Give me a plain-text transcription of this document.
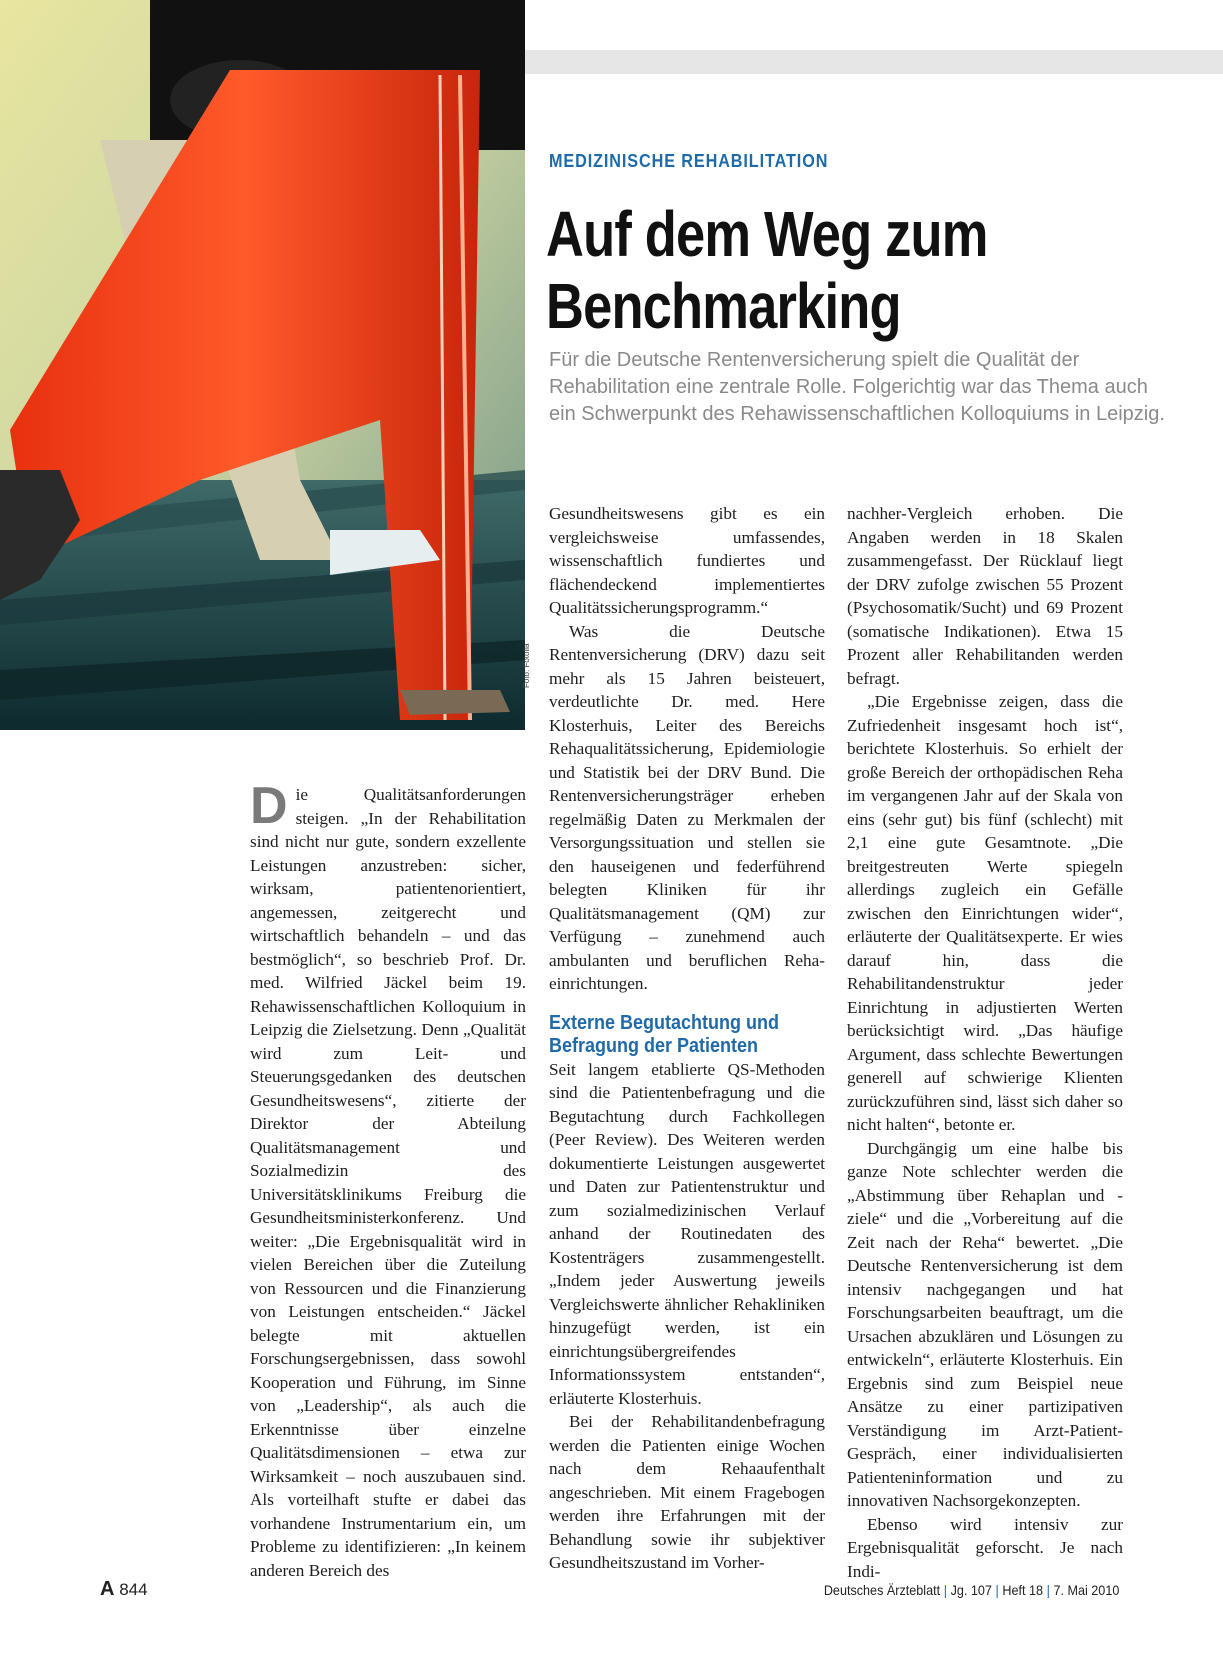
Foto: Fotolia
MEDIZINISCHE REHABILITATION
Auf dem Weg zum
Benchmarking
Für die Deutsche Rentenversicherung spielt die Qualität der Rehabilitation eine zentrale Rolle. Folgerichtig war das Thema auch ein Schwerpunkt des Rehawissenschaftlichen Kolloquiums in Leipzig.

Die Qualitätsanforderungen steigen. „In der Rehabilitation sind nicht nur gute, sondern exzellente Leistungen anzustreben: sicher, wirksam, patientenorientiert, angemessen, zeitgerecht und wirtschaftlich behandeln – und das bestmöglich“, so beschrieb Prof. Dr. med. Wilfried Jäckel beim 19. Rehawissenschaftlichen Kolloquium in Leipzig die Zielsetzung. Denn „Qualität wird zum Leit- und Steuerungsgedanken des deutschen Gesundheitswesens“, zitierte der Direktor der Abteilung Qualitätsmanagement und Sozialmedizin des Universitätsklinikums Freiburg die Gesundheitsministerkonferenz. Und weiter: „Die Ergebnisqualität wird in vielen Bereichen über die Zuteilung von Ressourcen und die Finanzierung von Leistungen entscheiden.“ Jäckel belegte mit aktuellen Forschungsergebnissen, dass sowohl Kooperation und Führung, im Sinne von „Leadership“, als auch die Erkenntnisse über einzelne Qualitätsdimensionen – etwa zur Wirksamkeit – noch auszubauen sind. Als vorteilhaft stufte er dabei das vorhandene Instrumentarium ein, um Probleme zu identifizieren: „In keinem anderen Bereich des

Gesundheitswesens gibt es ein vergleichsweise umfassendes, wissenschaftlich fundiertes und flächendeckend implementiertes Qualitätssicherungsprogramm.“

Was die Deutsche Rentenversicherung (DRV) dazu seit mehr als 15 Jahren beisteuert, verdeutlichte Dr. med. Here Klosterhuis, Leiter des Bereichs Rehaqualitätssicherung, Epidemiologie und Statistik bei der DRV Bund. Die Rentenversicherungsträger erheben regelmäßig Daten zu Merkmalen der Versorgungssituation und stellen sie den hauseigenen und federführend belegten Kliniken für ihr Qualitätsmanagement (QM) zur Verfügung – zunehmend auch ambulanten und beruflichen Rehaeinrichtungen.

Externe Begutachtung und
Befragung der Patienten

Seit langem etablierte QS-Methoden sind die Patientenbefragung und die Begutachtung durch Fachkollegen (Peer Review). Des Weiteren werden dokumentierte Leistungen ausgewertet und Daten zur Patientenstruktur und zum sozialmedizinischen Verlauf anhand der Routinedaten des Kostenträgers zusammengestellt. „Indem jeder Auswertung jeweils Vergleichswerte ähnlicher Rehakliniken hinzugefügt werden, ist ein einrichtungsübergreifendes Informationssystem entstanden“, erläuterte Klosterhuis.

Bei der Rehabilitandenbefragung werden die Patienten einige Wochen nach dem Rehaaufenthalt angeschrieben. Mit einem Fragebogen werden ihre Erfahrungen mit der Behandlung sowie ihr subjektiver Gesundheitszustand im Vorher-

nachher-Vergleich erhoben. Die Angaben werden in 18 Skalen zusammengefasst. Der Rücklauf liegt der DRV zufolge zwischen 55 Prozent (Psychosomatik/Sucht) und 69 Prozent (somatische Indikationen). Etwa 15 Prozent aller Rehabilitanden werden befragt.

„Die Ergebnisse zeigen, dass die Zufriedenheit insgesamt hoch ist“, berichtete Klosterhuis. So erhielt der große Bereich der orthopädischen Reha im vergangenen Jahr auf der Skala von eins (sehr gut) bis fünf (schlecht) mit 2,1 eine gute Gesamtnote. „Die breitgestreuten Werte spiegeln allerdings zugleich ein Gefälle zwischen den Einrichtungen wider“, erläuterte der Qualitätsexperte. Er wies darauf hin, dass die Rehabilitandenstruktur jeder Einrichtung in adjustierten Werten berücksichtigt wird. „Das häufige Argument, dass schlechte Bewertungen generell auf schwierige Klienten zurückzuführen sind, lässt sich daher so nicht halten“, betonte er.

Durchgängig um eine halbe bis ganze Note schlechter werden die „Abstimmung über Rehaplan und -ziele“ und die „Vorbereitung auf die Zeit nach der Reha“ bewertet. „Die Deutsche Rentenversicherung ist dem intensiv nachgegangen und hat Forschungsarbeiten beauftragt, um die Ursachen abzuklären und Lösungen zu entwickeln“, erläuterte Klosterhuis. Ein Ergebnis sind zum Beispiel neue Ansätze zu einer partizipativen Verständigung im Arzt-Patient-Gespräch, einer individualisierten Patienteninformation und zu innovativen Nachsorgekonzepten.

Ebenso wird intensiv zur Ergebnisqualität geforscht. Je nach Indi-

A 844	Deutsches Ärzteblatt | Jg. 107 | Heft 18 | 7. Mai 2010
